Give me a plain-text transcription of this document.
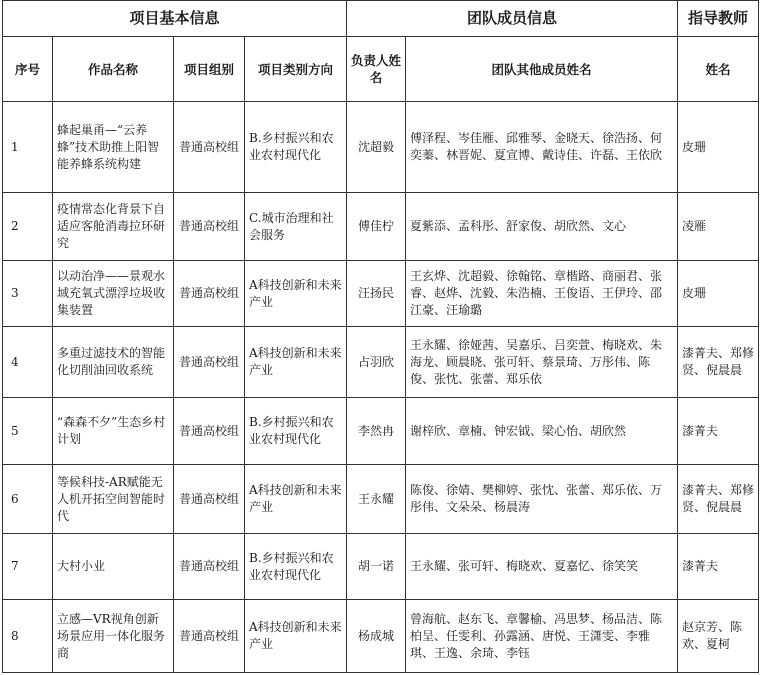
项目基本信息				团队成员信息		指导教师
序号	作品名称	项目组别	项目类别方向	负责人姓名	团队其他成员姓名	姓名
1	蜂起巢甬—“云养蜂”技术助推上阳智能养蜂系统构建	普通高校组	B.乡村振兴和农业农村现代化	沈超毅	傅泽程、岑佳雁、邱雅琴、金晓天、徐浩扬、何奕蓁、林晋妮、夏宣博、戴诗佳、许磊、王依欣	皮珊
2	疫情常态化背景下自适应客舱消毒拉环研究	普通高校组	C.城市治理和社会服务	傅佳柠	夏紫添、孟科彤、舒家俊、胡欣然、文心	凌雁
3	以动治净——景观水域充氧式漂浮垃圾收集装置	普通高校组	A科技创新和未来产业	汪扬民	王玄烨、沈超毅、徐翰铭、章楷路、商丽君、张睿、赵烨、沈毅、朱浩楠、王俊语、王伊玲、邵江豪、汪瑜璐	皮珊
4	多重过滤技术的智能化切削油回收系统	普通高校组	A科技创新和未来产业	占羽欣	王永耀、徐娅茜、吴嘉乐、吕奕萱、梅晓欢、朱海龙、顾晨晓、张可轩、蔡景琦、万彤伟、陈俊、张忱、张蕾、郑乐依	漆菁夫、郑修贤、倪晨晨
5	“森森不夕”生态乡村计划	普通高校组	B.乡村振兴和农业农村现代化	李然冉	谢梓欣、章楠、钟宏钺、梁心怡、胡欣然	漆菁夫
6	等候科技-AR赋能无人机开拓空间智能时代	普通高校组	A科技创新和未来产业	王永耀	陈俊、徐婧、樊柳婷、张忱、张蕾、郑乐依、万彤伟、文朵朵、杨晨涛	漆菁夫、郑修贤、倪晨晨
7	大村小业	普通高校组	B.乡村振兴和农业农村现代化	胡一诺	王永耀、张可轩、梅晓欢、夏嘉忆、徐笑笑	漆菁夫
8	立感—VR视角创新场景应用一体化服务商	普通高校组	A科技创新和未来产业	杨成城	曾海航、赵东飞、章馨榆、冯思梦、杨品洁、陈柏呈、任雯利、孙露涵、唐悦、王潇雯、李雅琪、王逸、余琦、李钰	赵京芳、陈欢、夏柯
